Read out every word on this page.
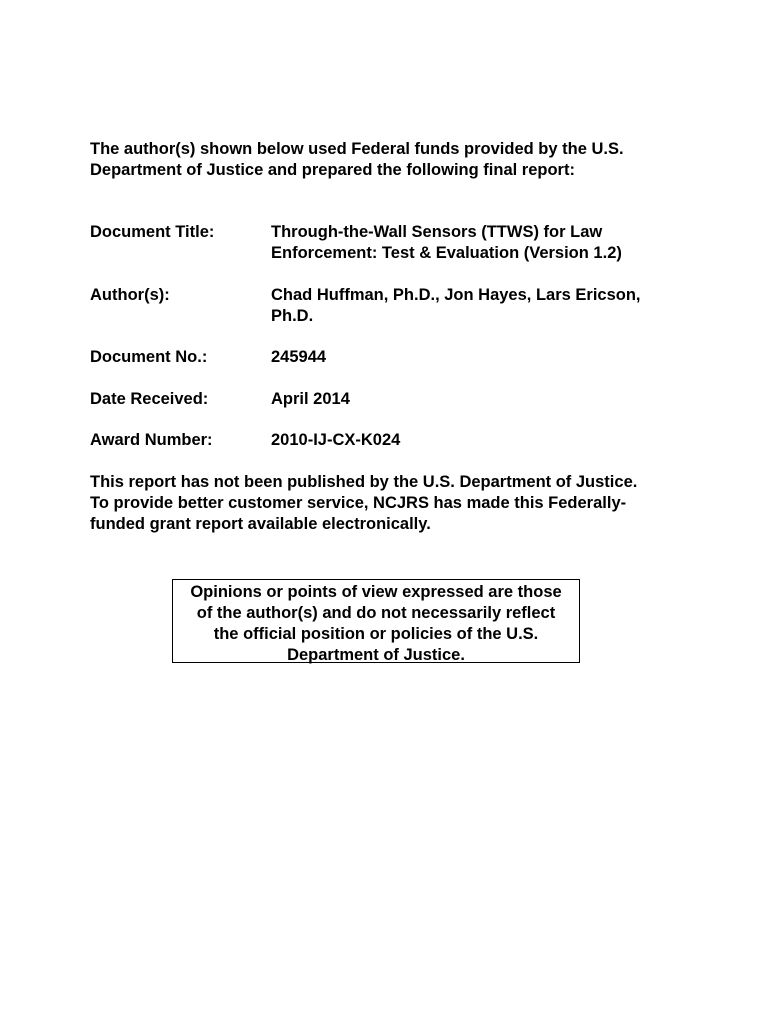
The author(s) shown below used Federal funds provided by the U.S.
Department of Justice and prepared the following final report:
Document Title:	Through-the-Wall Sensors (TTWS) for Law
Enforcement: Test & Evaluation (Version 1.2)
Author(s):	Chad Huffman, Ph.D., Jon Hayes, Lars Ericson,
Ph.D.
Document No.:	245944
Date Received:	April 2014
Award Number:	2010-IJ-CX-K024
This report has not been published by the U.S. Department of Justice.
To provide better customer service, NCJRS has made this Federally-
funded grant report available electronically.
Opinions or points of view expressed are those
of the author(s) and do not necessarily reflect
the official position or policies of the U.S.
Department of Justice.
